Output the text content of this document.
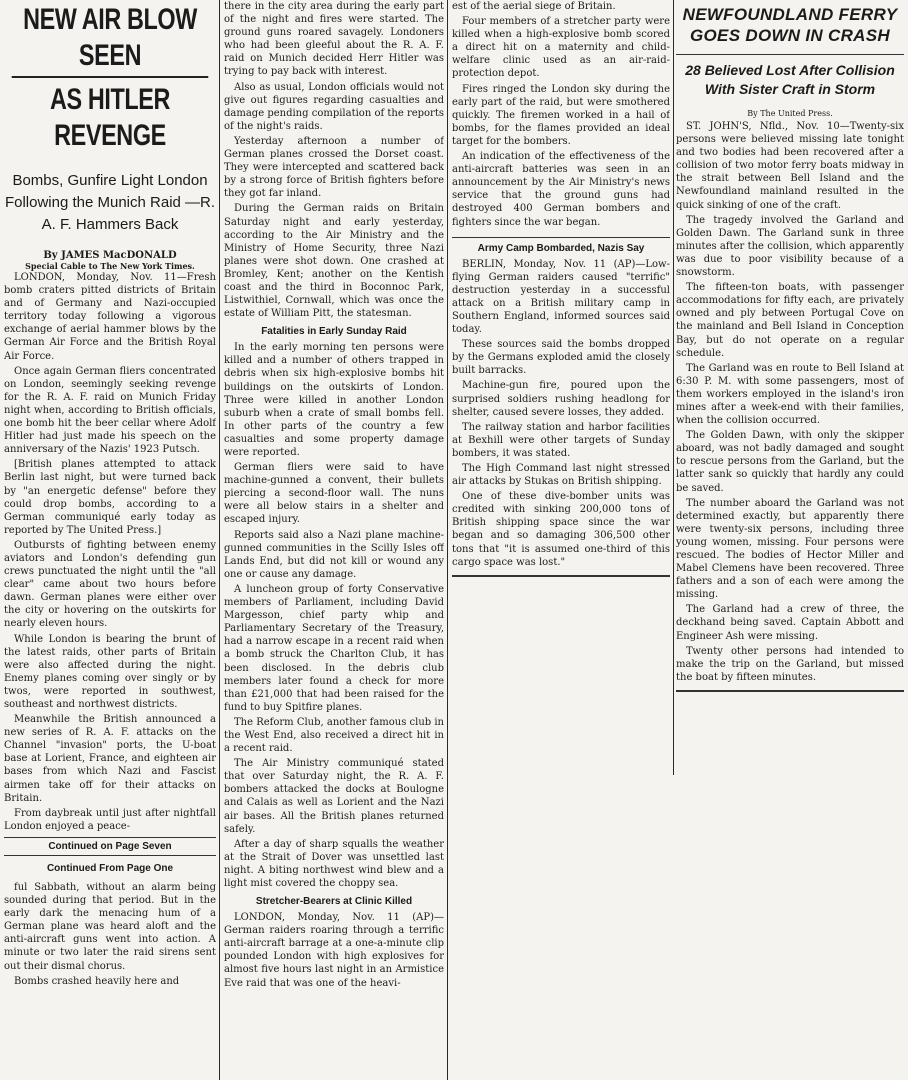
NEW AIR BLOW SEEN
AS HITLER REVENGE
Bombs, Gunfire Light London Following the Munich Raid —R. A. F. Hammers Back
By JAMES MacDONALD
Special Cable to The New York Times.

LONDON, Monday, Nov. 11—Fresh bomb craters pitted districts of Britain and of Germany and Nazi-occupied territory today following a vigorous exchange of aerial hammer blows by the German Air Force and the British Royal Air Force.

Once again German fliers concentrated on London, seemingly seeking revenge for the R. A. F. raid on Munich Friday night when, according to British officials, one bomb hit the beer cellar where Adolf Hitler had just made his speech on the anniversary of the Nazis' 1923 Putsch.

[British planes attempted to attack Berlin last night, but were turned back by "an energetic defense" before they could drop bombs, according to a German communiqué early today as reported by The United Press.]

Outbursts of fighting between enemy aviators and London's defending gun crews punctuated the night until the "all clear" came about two hours before dawn. German planes were either over the city or hovering on the outskirts for nearly eleven hours.

While London is bearing the brunt of the latest raids, other parts of Britain were also affected during the night. Enemy planes coming over singly or by twos, were reported in southwest, southeast and northwest districts.

Meanwhile the British announced a new series of R. A. F. attacks on the Channel "invasion" ports, the U-boat base at Lorient, France, and eighteen air bases from which Nazi and Fascist airmen take off for their attacks on Britain.

From daybreak until just after nightfall London enjoyed a peace-

Continued on Page Seven
Continued From Page One

ful Sabbath, without an alarm being sounded during that period. But in the early dark the menacing hum of a German plane was heard aloft and the anti-aircraft guns went into action. A minute or two later the raid sirens sent out their dismal chorus.

Bombs crashed heavily here and

there in the city area during the early part of the night and fires were started. The ground guns roared savagely. Londoners who had been gleeful about the R. A. F. raid on Munich decided Herr Hitler was trying to pay back with interest.

Also as usual, London officials would not give out figures regarding casualties and damage pending compilation of the reports of the night's raids.

Yesterday afternoon a number of German planes crossed the Dorset coast. They were intercepted and scattered back by a strong force of British fighters before they got far inland.

During the German raids on Britain Saturday night and early yesterday, according to the Air Ministry and the Ministry of Home Security, three Nazi planes were shot down. One crashed at Bromley, Kent; another on the Kentish coast and the third in Boconnoc Park, Listwithiel, Cornwall, which was once the estate of William Pitt, the statesman.

Fatalities in Early Sunday Raid

In the early morning ten persons were killed and a number of others trapped in debris when six high-explosive bombs hit buildings on the outskirts of London. Three were killed in another London suburb when a crate of small bombs fell. In other parts of the country a few casualties and some property damage were reported.

German fliers were said to have machine-gunned a convent, their bullets piercing a second-floor wall. The nuns were all below stairs in a shelter and escaped injury.

Reports said also a Nazi plane machine-gunned communities in the Scilly Isles off Lands End, but did not kill or wound any one or cause any damage.

A luncheon group of forty Conservative members of Parliament, including David Margesson, chief party whip and Parliamentary Secretary of the Treasury, had a narrow escape in a recent raid when a bomb struck the Charlton Club, it has been disclosed. In the debris club members later found a check for more than £21,000 that had been raised for the fund to buy Spitfire planes.

The Reform Club, another famous club in the West End, also received a direct hit in a recent raid.

The Air Ministry communiqué stated that over Saturday night, the R. A. F. bombers attacked the docks at Boulogne and Calais as well as Lorient and the Nazi air bases. All the British planes returned safely.

After a day of sharp squalls the weather at the Strait of Dover was unsettled last night. A biting northwest wind blew and a light mist covered the choppy sea.

Stretcher-Bearers at Clinic Killed

LONDON, Monday, Nov. 11 (AP)—German raiders roaring through a terrific anti-aircraft barrage at a one-a-minute clip pounded London with high explosives for almost five hours last night in an Armistice Eve raid that was one of the heavi-

est of the aerial siege of Britain.

Four members of a stretcher party were killed when a high-explosive bomb scored a direct hit on a maternity and child-welfare clinic used as an air-raid-protection depot.

Fires ringed the London sky during the early part of the raid, but were smothered quickly. The firemen worked in a hail of bombs, for the flames provided an ideal target for the bombers.

An indication of the effectiveness of the anti-aircraft batteries was seen in an announcement by the Air Ministry's news service that the ground guns had destroyed 400 German bombers and fighters since the war began.

Army Camp Bombarded, Nazis Say

BERLIN, Monday, Nov. 11 (AP)—Low-flying German raiders caused "terrific" destruction yesterday in a successful attack on a British military camp in Southern England, informed sources said today.

These sources said the bombs dropped by the Germans exploded amid the closely built barracks.

Machine-gun fire, poured upon the surprised soldiers rushing headlong for shelter, caused severe losses, they added.

The railway station and harbor facilities at Bexhill were other targets of Sunday bombers, it was stated.

The High Command last night stressed air attacks by Stukas on British shipping.

One of these dive-bomber units was credited with sinking 200,000 tons of British shipping space since the war began and so damaging 306,500 other tons that "it is assumed one-third of this cargo space was lost."

NEWFOUNDLAND FERRY GOES DOWN IN CRASH
28 Believed Lost After Collision With Sister Craft in Storm
By The United Press.

ST. JOHN'S, Nfld., Nov. 10—Twenty-six persons were believed missing late tonight and two bodies had been recovered after a collision of two motor ferry boats midway in the strait between Bell Island and the Newfoundland mainland resulted in the quick sinking of one of the craft.

The tragedy involved the Garland and Golden Dawn. The Garland sunk in three minutes after the collision, which apparently was due to poor visibility because of a snowstorm.

The fifteen-ton boats, with passenger accommodations for fifty each, are privately owned and ply between Portugal Cove on the mainland and Bell Island in Conception Bay, but do not operate on a regular schedule.

The Garland was en route to Bell Island at 6:30 P. M. with some passengers, most of them workers employed in the island's iron mines after a week-end with their families, when the collision occurred.

The Golden Dawn, with only the skipper aboard, was not badly damaged and sought to rescue persons from the Garland, but the latter sank so quickly that hardly any could be saved.

The number aboard the Garland was not determined exactly, but apparently there were twenty-six persons, including three young women, missing. Four persons were rescued. The bodies of Hector Miller and Mabel Clemens have been recovered. Three fathers and a son of each were among the missing.

The Garland had a crew of three, the deckhand being saved. Captain Abbott and Engineer Ash were missing.

Twenty other persons had intended to make the trip on the Garland, but missed the boat by fifteen minutes.
